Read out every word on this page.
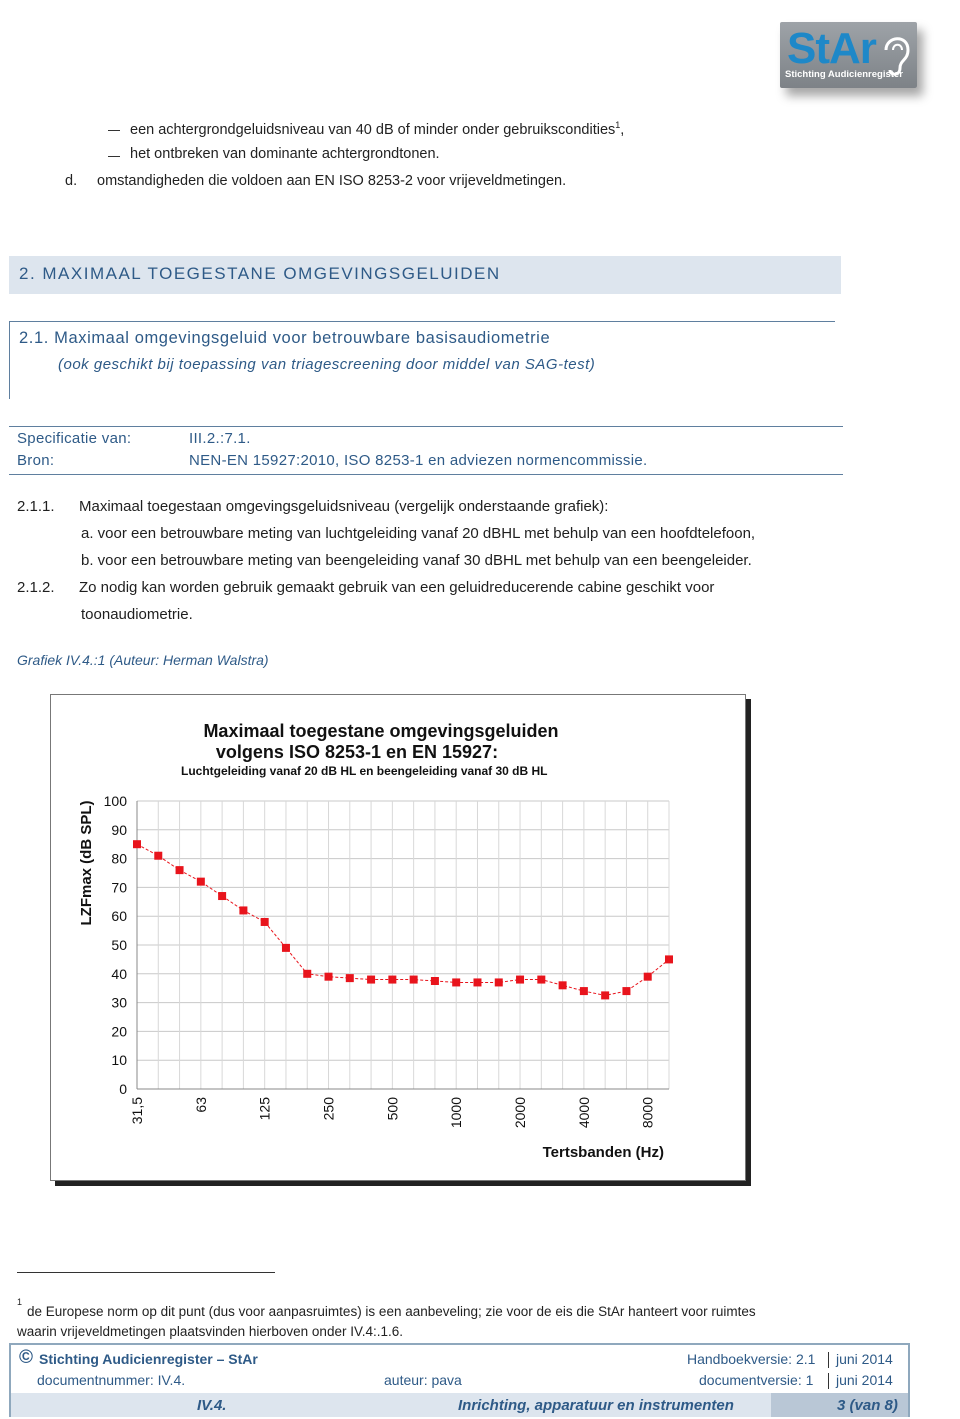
StAr
Stichting Audicienregister
een achtergrondgeluidsniveau van 40 dB of minder onder gebruikscondities$^1$,
het ontbreken van dominante achtergrondtonen.
d. omstandigheden die voldoen aan EN ISO 8253-2 voor vrijeveldmetingen.
2. MAXIMAAL TOEGESTANE OMGEVINGSGELUIDEN
2.1. Maximaal omgevingsgeluid voor betrouwbare basisaudiometrie
(ook geschikt bij toepassing van triagescreening door middel van SAG-test)
Specificatie van:	III.2.:7.1.
Bron:	NEN-EN 15927:2010, ISO 8253-1 en adviezen normencommissie.
2.1.1. Maximaal toegestaan omgevingsgeluidsniveau (vergelijk onderstaande grafiek):
a. voor een betrouwbare meting van luchtgeleiding vanaf 20 dBHL met behulp van een hoofdtelefoon,
b. voor een betrouwbare meting van beengeleiding vanaf 30 dBHL met behulp van een beengeleider.
2.1.2. Zo nodig kan worden gebruik gemaakt gebruik van een geluidreducerende cabine geschikt voor
toonaudiometrie.
Grafiek IV.4.:1 (Auteur: Herman Walstra)
Maximaal toegestane omgevingsgeluiden
volgens ISO 8253-1 en EN 15927:
Luchtgeleiding vanaf 20 dB HL en beengeleiding vanaf 30 dB HL
LZFmax (dB SPL)
Tertsbanden (Hz)
0
10
20
30
40
50
60
70
80
90
100
31,5	63	125	250	500	1000	2000	4000	8000
1
de Europese norm op dit punt (dus voor aanpasruimtes) is een aanbeveling; zie voor de eis die StAr hanteert voor ruimtes
waarin vrijeveldmetingen plaatsvinden hierboven onder IV.4:.1.6.
© Stichting Audicienregister – StAr	Handboekversie: 2.1 juni 2014
documentnummer: IV.4.	auteur: pava	documentversie: 1 juni 2014
IV.4.	Inrichting, apparatuur en instrumenten	3 (van 8)
